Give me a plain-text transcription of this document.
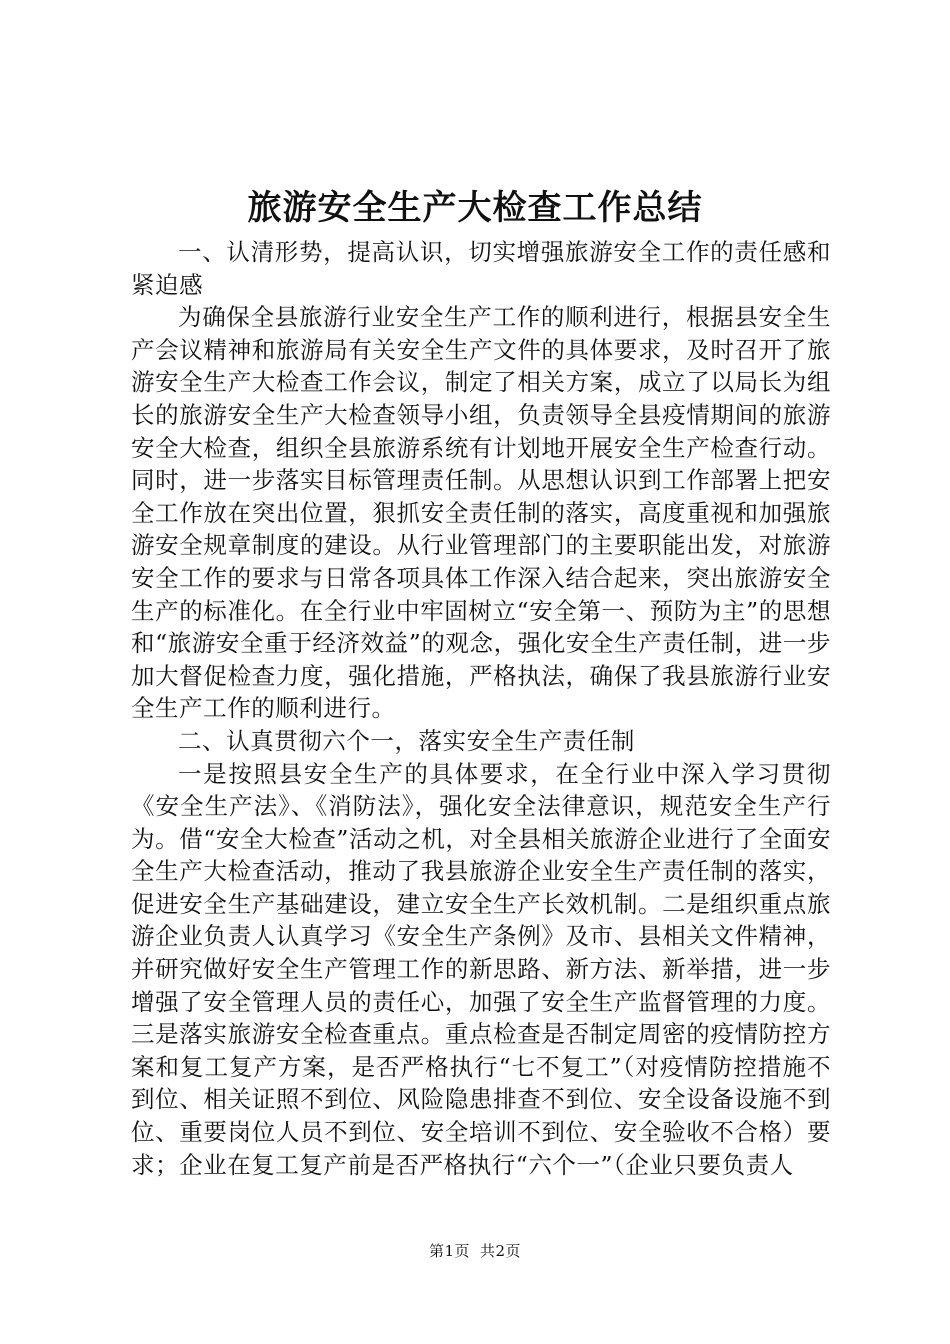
旅游安全生产大检查工作总结

一、认清形势，提高认识，切实增强旅游安全工作的责任感和紧迫感

为确保全县旅游行业安全生产工作的顺利进行，根据县安全生产会议精神和旅游局有关安全生产文件的具体要求，及时召开了旅游安全生产大检查工作会议，制定了相关方案，成立了以局长为组长的旅游安全生产大检查领导小组，负责领导全县疫情期间的旅游安全大检查，组织全县旅游系统有计划地开展安全生产检查行动。同时，进一步落实目标管理责任制。从思想认识到工作部署上把安全工作放在突出位置，狠抓安全责任制的落实，高度重视和加强旅游安全规章制度的建设。从行业管理部门的主要职能出发，对旅游安全工作的要求与日常各项具体工作深入结合起来，突出旅游安全生产的标准化。在全行业中牢固树立“安全第一、预防为主”的思想和“旅游安全重于经济效益”的观念，强化安全生产责任制，进一步加大督促检查力度，强化措施，严格执法，确保了我县旅游行业安全生产工作的顺利进行。

二、认真贯彻六个一，落实安全生产责任制

一是按照县安全生产的具体要求，在全行业中深入学习贯彻《安全生产法》、《消防法》，强化安全法律意识，规范安全生产行为。借“安全大检查”活动之机，对全县相关旅游企业进行了全面安全生产大检查活动，推动了我县旅游企业安全生产责任制的落实，促进安全生产基础建设，建立安全生产长效机制。二是组织重点旅游企业负责人认真学习《安全生产条例》及市、县相关文件精神，并研究做好安全生产管理工作的新思路、新方法、新举措，进一步增强了安全管理人员的责任心，加强了安全生产监督管理的力度。三是落实旅游安全检查重点。重点检查是否制定周密的疫情防控方案和复工复产方案，是否严格执行“七不复工”（对疫情防控措施不到位、相关证照不到位、风险隐患排查不到位、安全设备设施不到位、重要岗位人员不到位、安全培训不到位、安全验收不合格）要求；企业在复工复产前是否严格执行“六个一”（企业只要负责人

第1页 共2页
